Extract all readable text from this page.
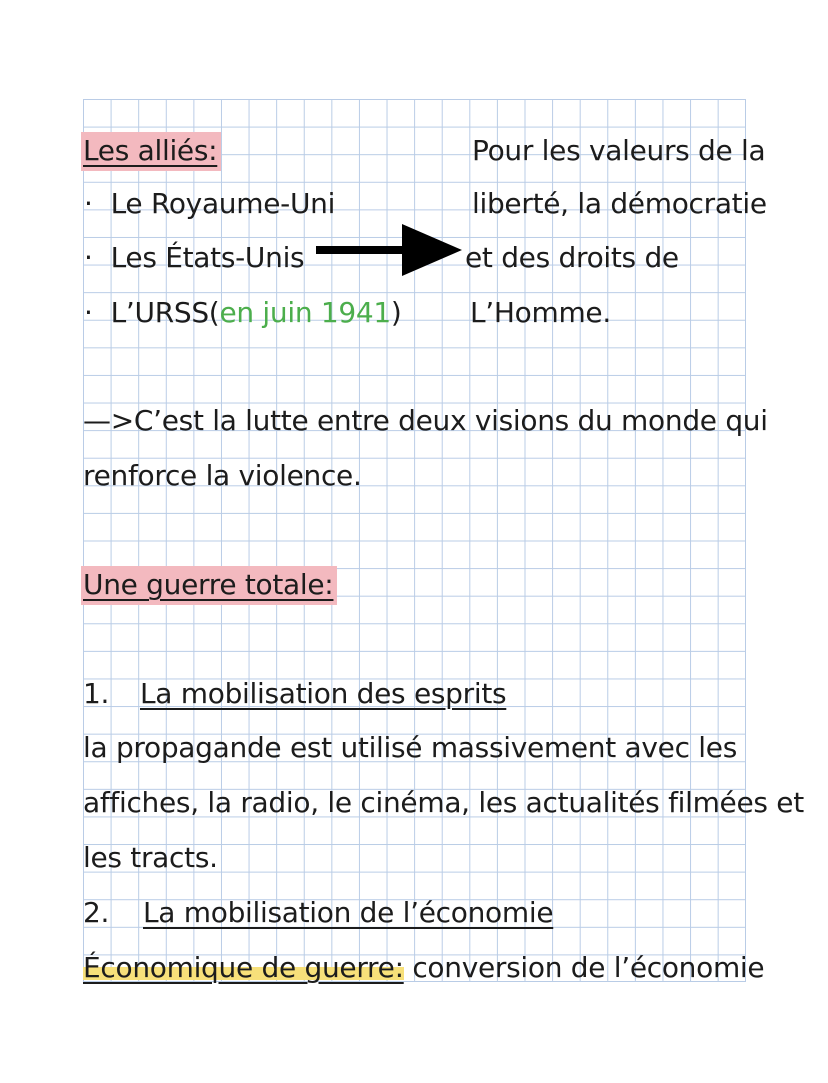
Les alliés:
· Le Royaume-Uni
· Les États-Unis
· L’URSS(en juin 1941)
Pour les valeurs de la
liberté, la démocratie
et des droits de
L’Homme.
—>C’est la lutte entre deux visions du monde qui
renforce la violence.
Une guerre totale:
1. La mobilisation des esprits
la propagande est utilisé massivement avec les
affiches, la radio, le cinéma, les actualités filmées et
les tracts.
2. La mobilisation de l’économie
Économique de guerre: conversion de l’économie
